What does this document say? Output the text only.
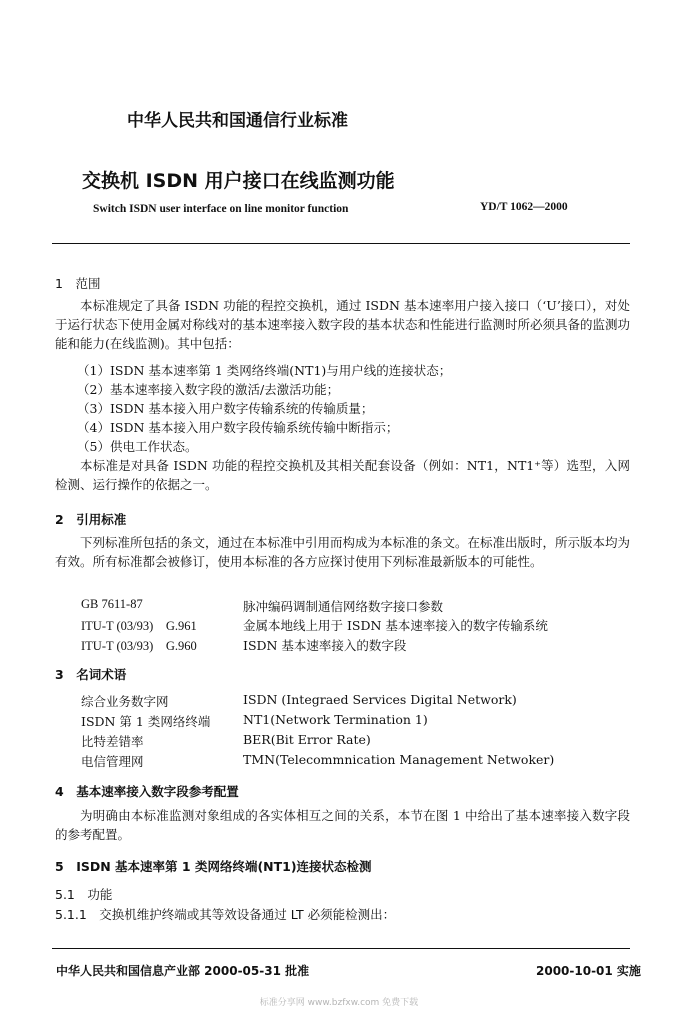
中华人民共和国通信行业标准
交换机 ISDN 用户接口在线监测功能
Switch ISDN user interface on line monitor function	YD/T 1062—2000
1　范围
本标准规定了具备 ISDN 功能的程控交换机，通过 ISDN 基本速率用户接入接口（‘U’接口），对处于运行状态下使用金属对称线对的基本速率接入数字段的基本状态和性能进行监测时所必须具备的监测功能和能力(在线监测)。其中包括：
（1）ISDN 基本速率第 1 类网络终端(NT1)与用户线的连接状态；
（2）基本速率接入数字段的激活/去激活功能；
（3）ISDN 基本接入用户数字传输系统的传输质量；
（4）ISDN 基本接入用户数字段传输系统传输中断指示；
（5）供电工作状态。
本标准是对具备 ISDN 功能的程控交换机及其相关配套设备（例如：NT1，NT1⁺等）选型，入网检测、运行操作的依据之一。
2　引用标准
下列标准所包括的条文，通过在本标准中引用而构成为本标准的条文。在标准出版时，所示版本均为有效。所有标准都会被修订，使用本标准的各方应探讨使用下列标准最新版本的可能性。
GB 7611-87	脉冲编码调制通信网络数字接口参数
ITU-T (03/93)　G.961	金属本地线上用于 ISDN 基本速率接入的数字传输系统
ITU-T (03/93)　G.960	ISDN 基本速率接入的数字段
3　名词术语
综合业务数字网	ISDN (Integraed Services Digital Network)
ISDN 第 1 类网络终端	NT1(Network Termination 1)
比特差错率	BER(Bit Error Rate)
电信管理网	TMN(Telecommnication Management Netwoker)
4　基本速率接入数字段参考配置
为明确由本标准监测对象组成的各实体相互之间的关系，本节在图 1 中给出了基本速率接入数字段的参考配置。
5　ISDN 基本速率第 1 类网络终端(NT1)连接状态检测
5.1　功能
5.1.1　交换机维护终端或其等效设备通过 LT 必须能检测出：
中华人民共和国信息产业部 2000-05-31 批准	2000-10-01 实施
标准分享网 www.bzfxw.com 免费下载
